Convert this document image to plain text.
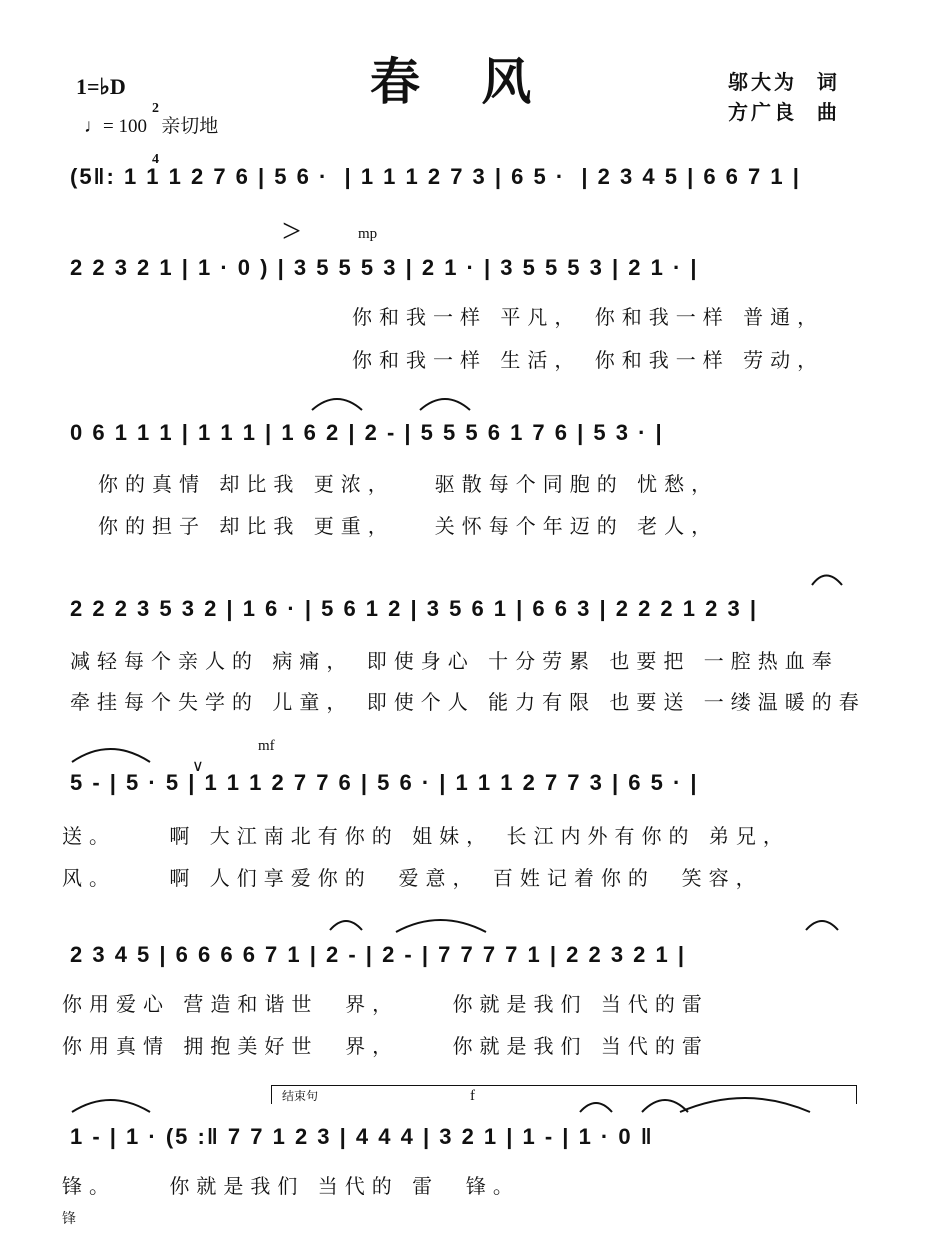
春 风	邬大为  词
方广良  曲
1=♭D

2

4

♩= 100   亲切地
>	mp
mf
∨
f
结束句
(5‖: 1 1 1 2 7 6 | 5 6 ·  | 1 1 1 2 7 3 | 6 5 ·  | 2 3 4 5 | 6 6 7 1 |
2 2 3 2 1 | 1 · 0 ) | 3 5 5 5 3 | 2 1 · | 3 5 5 5 3 | 2 1 · |
你和我一样 平凡， 你和我一样 普通，
你和我一样 生活， 你和我一样 劳动，
0 6 1 1 1 | 1 1 1 | 1 6 2 | 2 - | 5 5 5 6 1 7 6 | 5 3 · |
你的真情 却比我 更浓，   驱散每个同胞的 忧愁，
你的担子 却比我 更重，   关怀每个年迈的 老人，
2 2 2 3 5 3 2 | 1 6 · | 5 6 1 2 | 3 5 6 1 | 6 6 3 | 2 2 2 1 2 3 |
减轻每个亲人的 病痛， 即使身心 十分劳累 也要把 一腔热血奉
牵挂每个失学的 儿童， 即使个人 能力有限 也要送 一缕温暖的春
5 - | 5 · 5 | 1 1 1 2 7 7 6 | 5 6 · | 1 1 1 2 7 7 3 | 6 5 · |
送。    啊 大江南北有你的 姐妹， 长江内外有你的 弟兄，
风。    啊 人们享爱你的  爱意， 百姓记着你的  笑容，
2 3 4 5 | 6 6 6 6 7 1 | 2 - | 2 - | 7 7 7 7 1 | 2 2 3 2 1 |
你用爱心 营造和谐世  界，    你就是我们 当代的雷
你用真情 拥抱美好世  界，    你就是我们 当代的雷
1 - | 1 · (5 :‖ 7 7 1 2 3 | 4 4 4 | 3 2 1 | 1 - | 1 · 0 ‖
锋。    你就是我们 当代的 雷  锋。
锋
